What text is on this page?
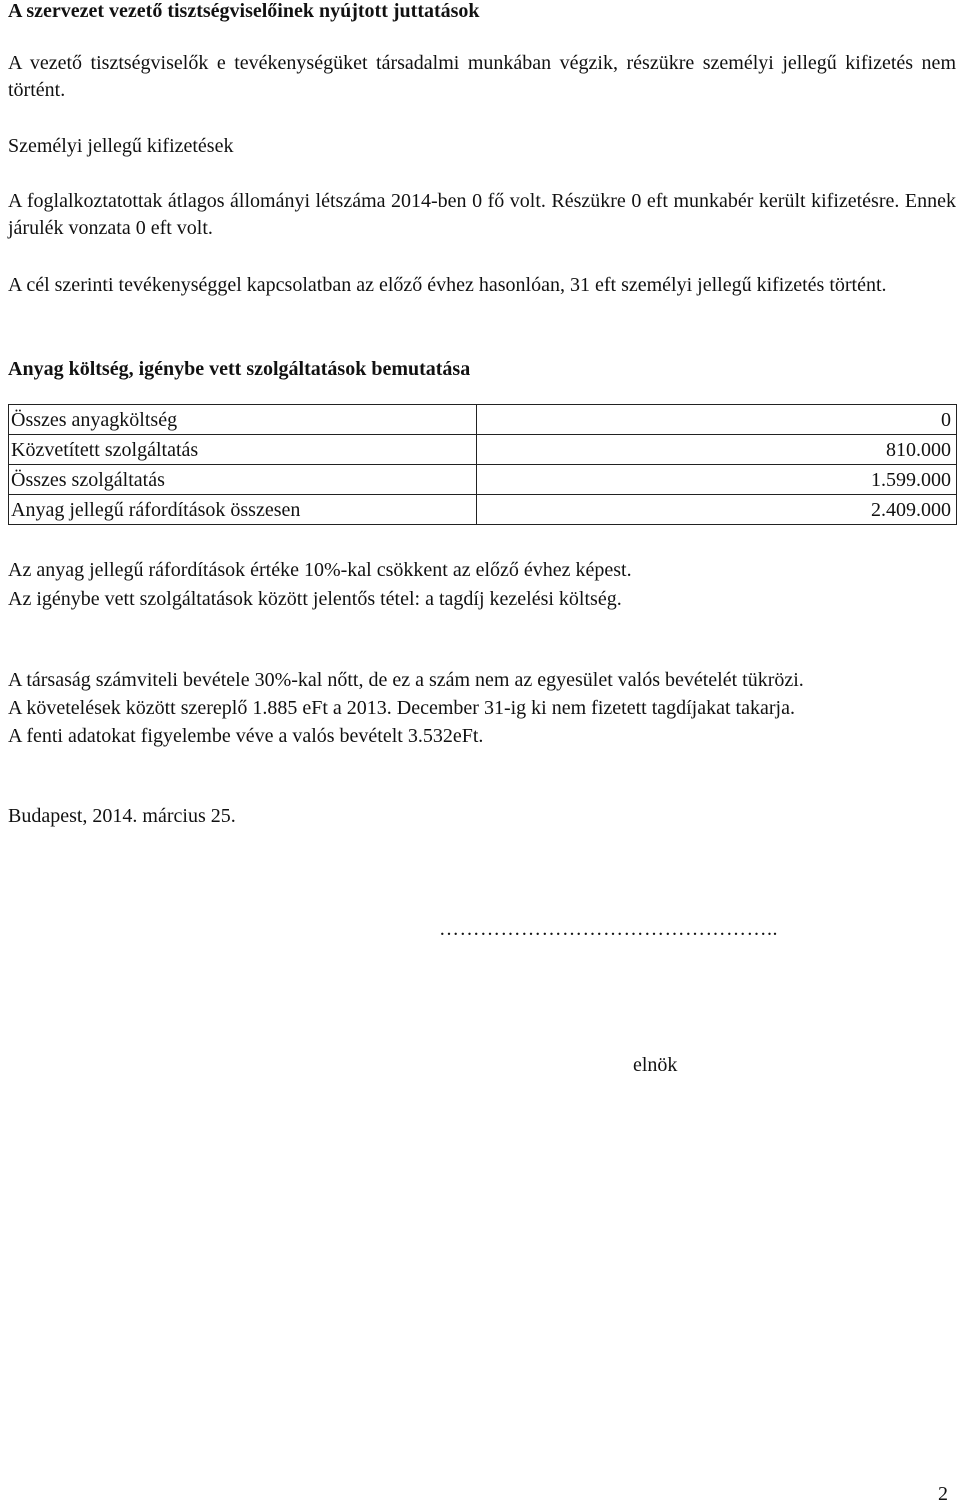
A szervezet vezető tisztségviselőinek nyújtott juttatások
A vezető tisztségviselők e tevékenységüket társadalmi munkában végzik, részükre személyi jellegű kifizetés nem történt.
Személyi jellegű kifizetések
A foglalkoztatottak átlagos állományi létszáma 2014-ben 0 fő volt. Részükre 0 eft munkabér került kifizetésre. Ennek járulék vonzata 0 eft volt.
A cél szerinti tevékenységgel kapcsolatban az előző évhez hasonlóan, 31 eft személyi jellegű kifizetés történt.
Anyag költség, igénybe vett szolgáltatások bemutatása
Összes anyagköltség	0
Közvetített szolgáltatás	810.000
Összes szolgáltatás	1.599.000
Anyag jellegű ráfordítások összesen	2.409.000
Az anyag jellegű ráfordítások értéke 10%-kal csökkent az előző évhez képest.
Az igénybe vett szolgáltatások között jelentős tétel: a tagdíj kezelési költség.
A társaság számviteli bevétele 30%-kal nőtt, de ez a szám nem az egyesület valós bevételét tükrözi.
A követelések között szereplő 1.885 eFt a 2013. December 31-ig ki nem fizetett tagdíjakat takarja.
A fenti adatokat figyelembe véve a valós bevételt 3.532eFt.
Budapest, 2014. március 25.
…………………………………………..
elnök
2
